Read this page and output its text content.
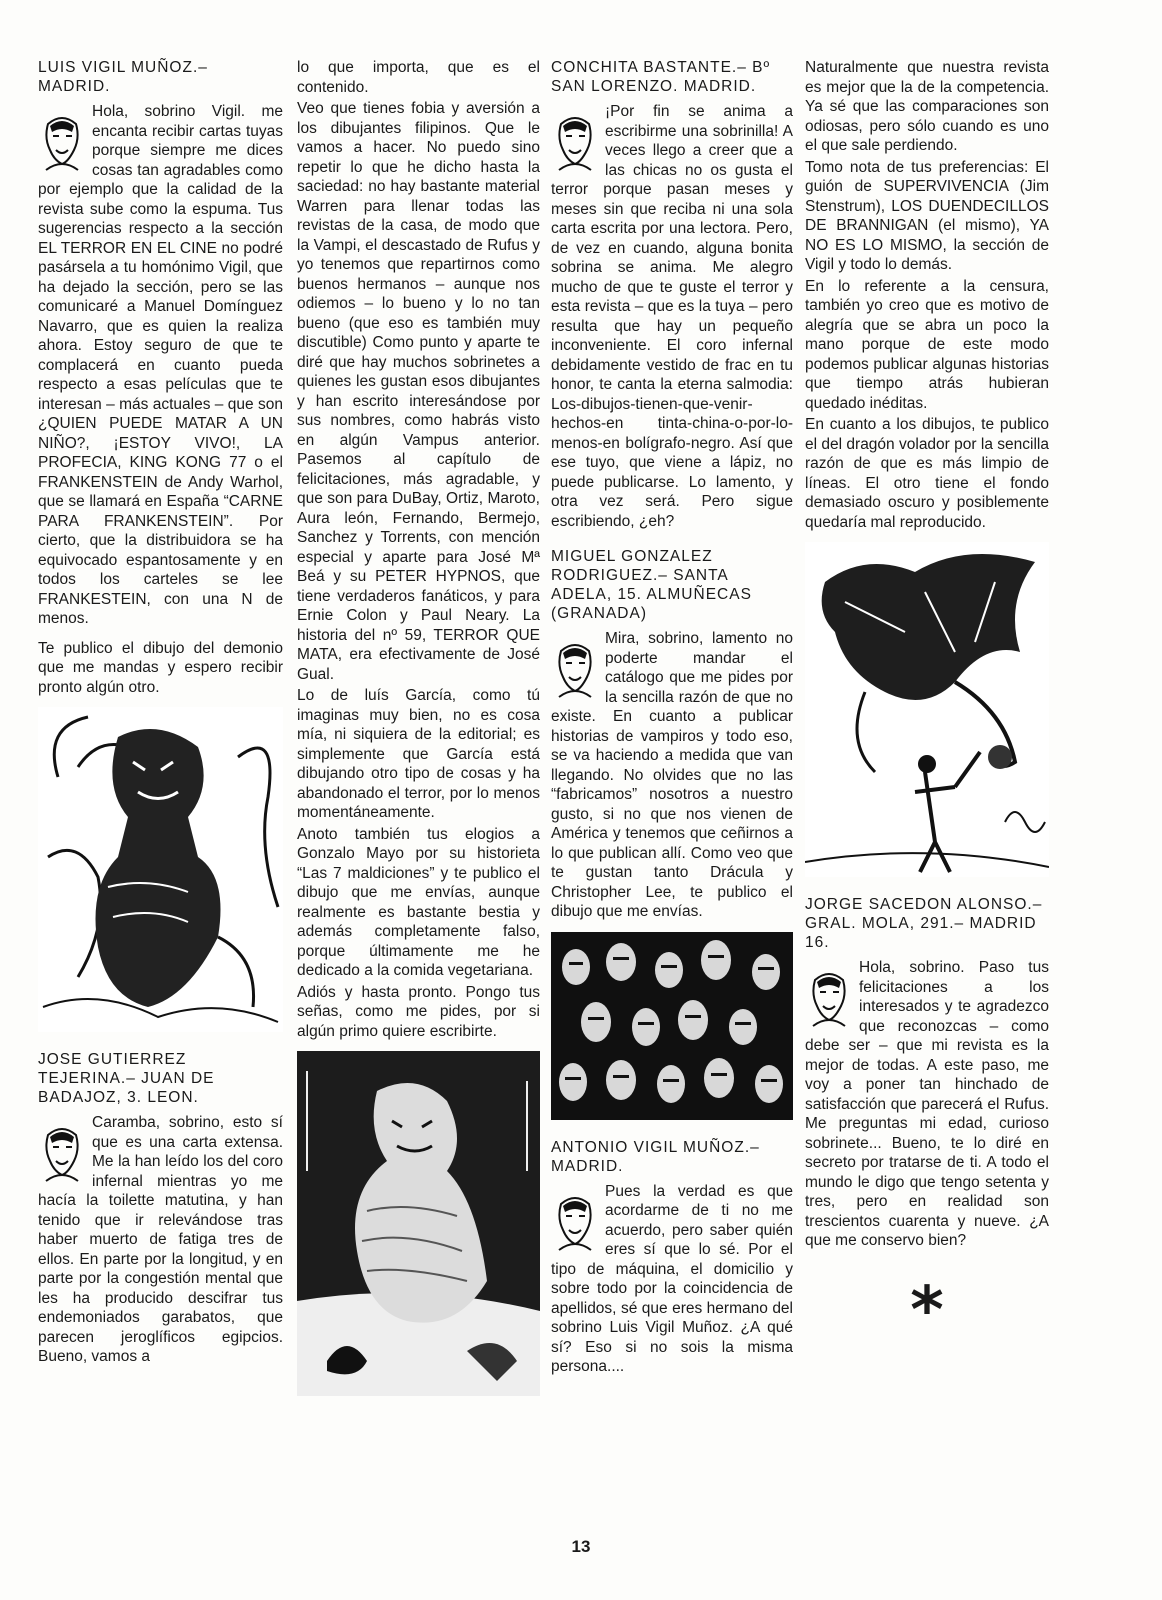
LUIS VIGIL MUÑOZ.– MADRID.
Hola, sobrino Vigil. me encanta recibir cartas tuyas porque siempre me dices cosas tan agradables como por ejemplo que la calidad de la revista sube como la espuma. Tus sugerencias respecto a la sección EL TERROR EN EL CINE no podré pasársela a tu homónimo Vigil, que ha dejado la sección, pero se las comunicaré a Manuel Domínguez Navarro, que es quien la realiza ahora. Estoy seguro de que te complacerá en cuanto pueda respecto a esas películas que te interesan – más actuales – que son ¿QUIEN PUEDE MATAR A UN NIÑO?, ¡ESTOY VIVO!, LA PROFECIA, KING KONG 77 o el FRANKENSTEIN de Andy Warhol, que se llamará en España “CARNE PARA FRANKENSTEIN”. Por cierto, que la distribuidora se ha equivocado espantosamente y en todos los carteles se lee FRANKESTEIN, con una N de menos.
Te publico el dibujo del demonio que me mandas y espero recibir pronto algún otro.
JOSE GUTIERREZ TEJERINA.– JUAN DE BADAJOZ, 3. LEON.
Caramba, sobrino, esto sí que es una carta extensa. Me la han leído los del coro infernal mientras yo me hacía la toilette matutina, y han tenido que ir relevándose tras haber muerto de fatiga tres de ellos. En parte por la longitud, y en parte por la congestión mental que les ha producido descifrar tus endemoniados garabatos, que parecen jeroglíficos egipcios. Bueno, vamos a
lo que importa, que es el contenido.
Veo que tienes fobia y aversión a los dibujantes filipinos. Que le vamos a hacer. No puedo sino repetir lo que he dicho hasta la saciedad: no hay bastante material Warren para llenar todas las revistas de la casa, de modo que la Vampi, el descastado de Rufus y yo tenemos que repartirnos como buenos hermanos – aunque nos odiemos – lo bueno y lo no tan bueno (que eso es también muy discutible) Como punto y aparte te diré que hay muchos sobrinetes a quienes les gustan esos dibujantes y han escrito interesándose por sus nombres, como habrás visto en algún Vampus anterior. Pasemos al capítulo de felicitaciones, más agradable, y que son para DuBay, Ortiz, Maroto, Aura león, Fernando, Bermejo, Sanchez y Torrents, con mención especial y aparte para José Mª Beá y su PETER HYPNOS, que tiene verdaderos fanáticos, y para Ernie Colon y Paul Neary. La historia del nº 59, TERROR QUE MATA, era efectivamente de José Gual.
Lo de luís García, como tú imaginas muy bien, no es cosa mía, ni siquiera de la editorial; es simplemente que García está dibujando otro tipo de cosas y ha abandonado el terror, por lo menos momentáneamente.
Anoto también tus elogios a Gonzalo Mayo por su historieta “Las 7 maldiciones” y te publico el dibujo que me envías, aunque realmente es bastante bestia y además completamente falso, porque últimamente me he dedicado a la comida vegetariana.
Adiós y hasta pronto. Pongo tus señas, como me pides, por si algún primo quiere escribirte.
CONCHITA BASTANTE.– Bº SAN LORENZO. MADRID.
¡Por fin se anima a escribirme una sobrinilla! A veces llego a creer que a las chicas no os gusta el terror porque pasan meses y meses sin que reciba ni una sola carta escrita por una lectora. Pero, de vez en cuando, alguna bonita sobrina se anima. Me alegro mucho de que te guste el terror y esta revista – que es la tuya – pero resulta que hay un pequeño inconveniente. El coro infernal debidamente vestido de frac en tu honor, te canta la eterna salmodia: Los-dibujos-tienen-que-venir-hechos-en tinta-china-o-por-lo-menos-en bolígrafo-negro. Así que ese tuyo, que viene a lápiz, no puede publicarse. Lo lamento, y otra vez será. Pero sigue escribiendo, ¿eh?
MIGUEL GONZALEZ RODRIGUEZ.– SANTA ADELA, 15. ALMUÑECAS (GRANADA)
Mira, sobrino, lamento no poderte mandar el catálogo que me pides por la sencilla razón de que no existe. En cuanto a publicar historias de vampiros y todo eso, se va haciendo a medida que van llegando. No olvides que no las “fabricamos” nosotros a nuestro gusto, si no que nos vienen de América y tenemos que ceñirnos a lo que publican allí. Como veo que te gustan tanto Drácula y Christopher Lee, te publico el dibujo que me envías.
ANTONIO VIGIL MUÑOZ.– MADRID.
Pues la verdad es que acordarme de ti no me acuerdo, pero saber quién eres sí que lo sé. Por el tipo de máquina, el domicilio y sobre todo por la coincidencia de apellidos, sé que eres hermano del sobrino Luis Vigil Muñoz. ¿A qué sí? Eso si no sois la misma persona....
Naturalmente que nuestra revista es mejor que la de la competencia. Ya sé que las comparaciones son odiosas, pero sólo cuando es uno el que sale perdiendo.
Tomo nota de tus preferencias: El guión de SUPERVIVENCIA (Jim Stenstrum), LOS DUENDECILLOS DE BRANNIGAN (el mismo), YA NO ES LO MISMO, la sección de Vigil y todo lo demás.
En lo referente a la censura, también yo creo que es motivo de alegría que se abra un poco la mano porque de este modo podemos publicar algunas historias que tiempo atrás hubieran quedado inéditas.
En cuanto a los dibujos, te publico el del dragón volador por la sencilla razón de que es más limpio de líneas. El otro tiene el fondo demasiado oscuro y posiblemente quedaría mal reproducido.
JORGE SACEDON ALONSO.– GRAL. MOLA, 291.– MADRID 16.
Hola, sobrino. Paso tus felicitaciones a los interesados y te agradezco que reconozcas – como debe ser – que mi revista es la mejor de todas. A este paso, me voy a poner tan hinchado de satisfacción que parecerá el Rufus. Me preguntas mi edad, curioso sobrinete... Bueno, te lo diré en secreto por tratarse de ti. A todo el mundo le digo que tengo setenta y tres, pero en realidad son trescientos cuarenta y nueve. ¿A que me conservo bien?
*
13
